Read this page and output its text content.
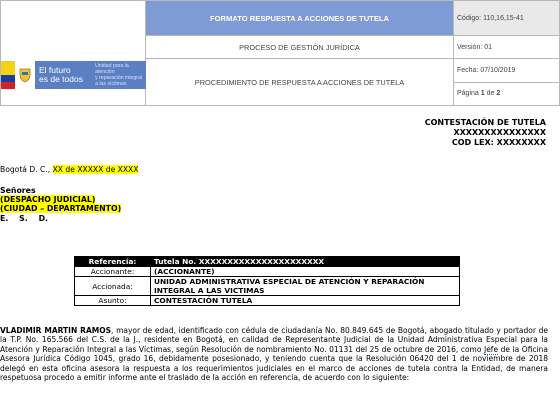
El futuro
es de todos
Unidad para la atención
y reparación integral
a las víctimas	FORMATO RESPUESTA A ACCIONES DE TUTELA	Código: 110,16,15-41
	PROCESO DE GESTIÓN JURÍDICA	Versión: 01
	PROCEDIMIENTO DE RESPUESTA A ACCIONES DE TUTELA	Fecha: 07/10/2019
		Página 1 de 2
CONTESTACIÓN DE TUTELA
XXXXXXXXXXXXXXX
COD LEX: XXXXXXXX
Bogotá D. C., XX de XXXXX de XXXX
Señores
(DESPACHO JUDICIAL)
(CIUDAD – DEPARTAMENTO)
E.    S.    D.
Referencia:	Tutela No. XXXXXXXXXXXXXXXXXXXXXX
Accionante:	(ACCIONANTE)
Accionada:	UNIDAD ADMINISTRATIVA ESPECIAL DE ATENCIÓN Y REPARACIÓN INTEGRAL A LAS VICTIMAS
Asunto:	CONTESTACIÓN TUTELA
VLADIMIR MARTIN RAMOS, mayor de edad, identificado con cédula de ciudadanía No. 80.849.645 de Bogotá, abogado titulado y portador de la T.P. No. 165.566 del C.S. de la J., residente en Bogotá, en calidad de Representante Judicial de la Unidad Administrativa Especial para la Atención y Reparación Integral a las Víctimas, según Resolución de nombramiento No. 01131 del 25 de octubre de 2016, como Jefe de la Oficina Asesora Jurídica Código 1045, grado 16, debidamente posesionado, y teniendo cuenta que la Resolución 06420 del 1 de noviembre de 2018 delegó en esta oficina asesora la respuesta a los requerimientos judiciales en el marco de acciones de tutela contra la Entidad, de manera respetuosa procedo a emitir informe ante el traslado de la acción en referencia, de acuerdo con lo siguiente:
